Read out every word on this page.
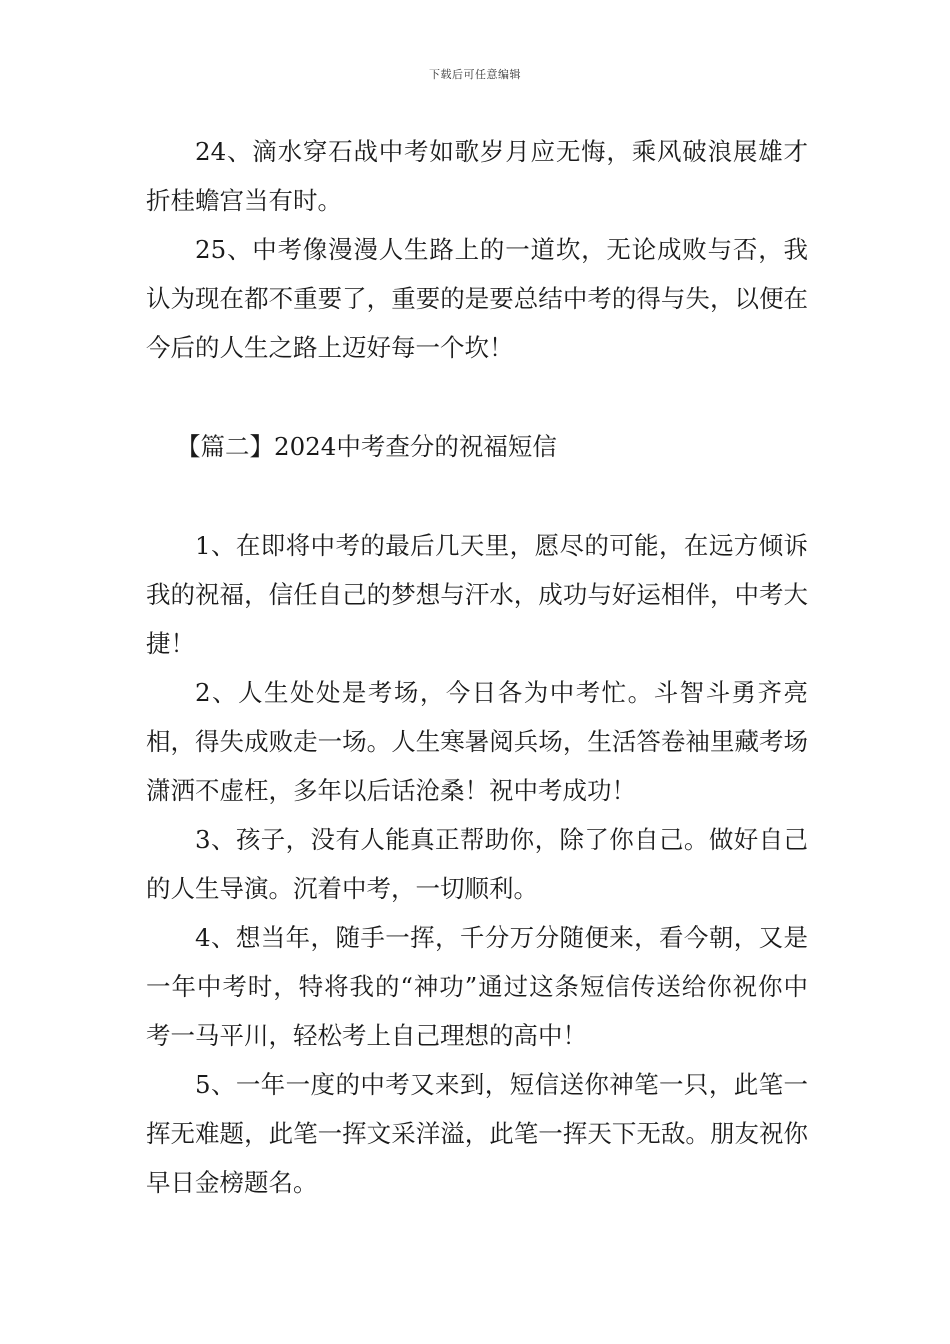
下载后可任意编辑

24、滴水穿石战中考如歌岁月应无悔，乘风破浪展雄才折桂蟾宫当有时。

25、中考像漫漫人生路上的一道坎，无论成败与否，我认为现在都不重要了，重要的是要总结中考的得与失，以便在今后的人生之路上迈好每一个坎！

【篇二】2024中考查分的祝福短信

1、在即将中考的最后几天里，愿尽的可能，在远方倾诉我的祝福，信任自己的梦想与汗水，成功与好运相伴，中考大捷！

2、人生处处是考场，今日各为中考忙。斗智斗勇齐亮相，得失成败走一场。人生寒暑阅兵场，生活答卷袖里藏考场潇洒不虚枉，多年以后话沧桑！祝中考成功！

3、孩子，没有人能真正帮助你，除了你自己。做好自己的人生导演。沉着中考，一切顺利。

4、想当年，随手一挥，千分万分随便来，看今朝，又是一年中考时，特将我的“神功”通过这条短信传送给你祝你中考一马平川，轻松考上自己理想的高中！

5、一年一度的中考又来到，短信送你神笔一只，此笔一挥无难题，此笔一挥文采洋溢，此笔一挥天下无敌。朋友祝你早日金榜题名。
